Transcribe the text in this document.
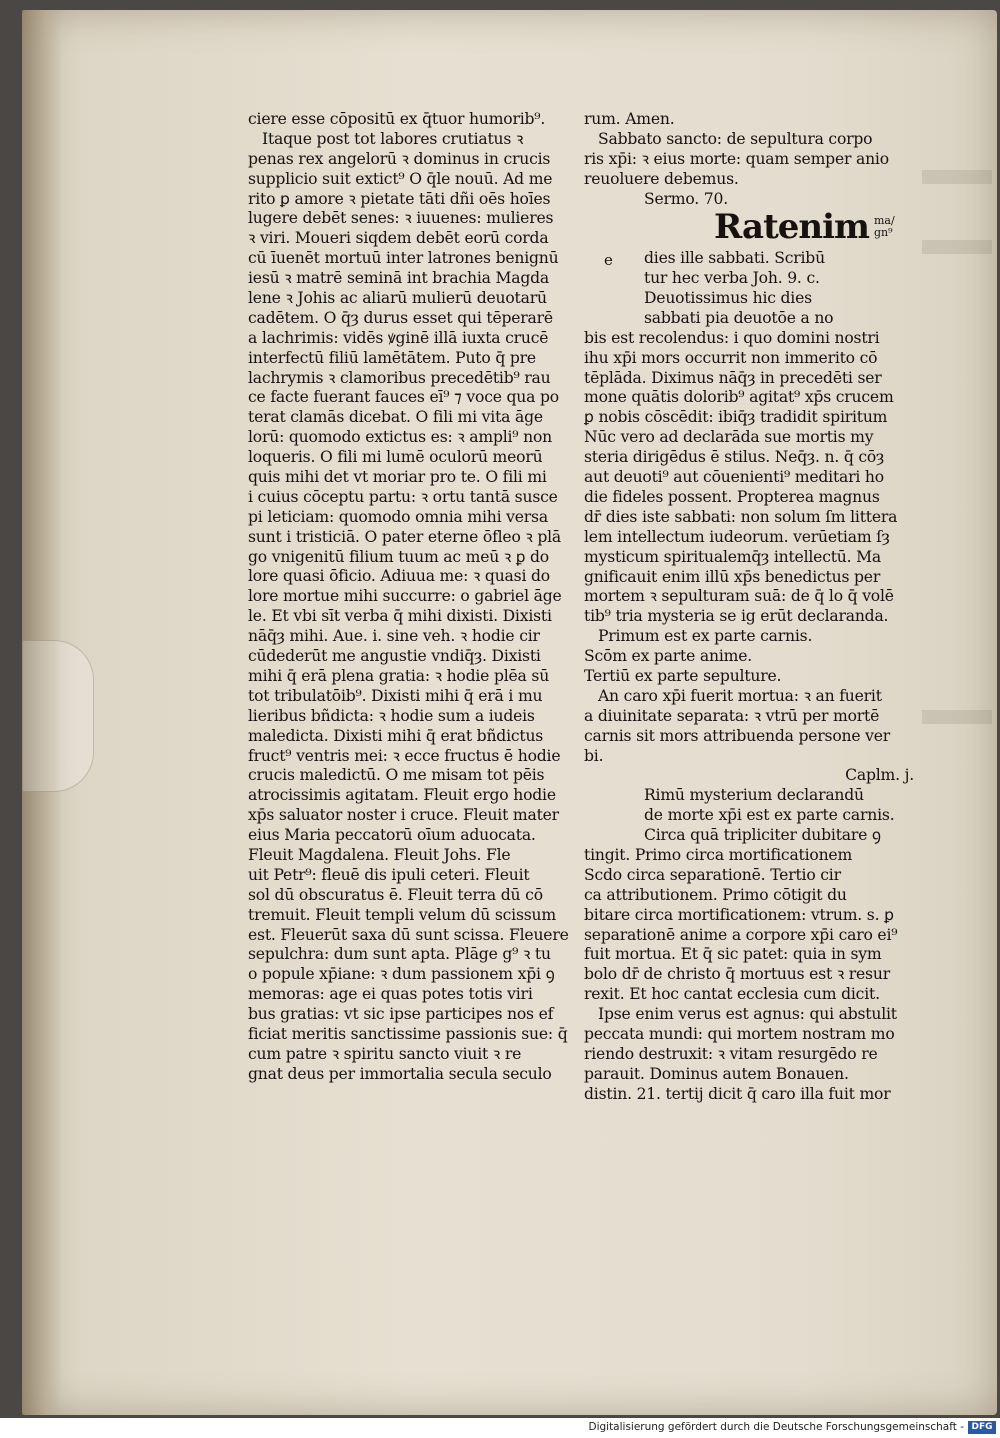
ciere esse cōpositū ex q̄tuor humorib⁹.
Itaque post tot labores crutiatus ꝛ
penas rex angelorū ꝛ dominus in crucis
supplicio suit extict⁹ O q̄le nouū. Ad me
rito ꝑ amore ꝛ pietate tāti dñi oēs hoīes
lugere debēt senes: ꝛ iuuenes: mulieres
ꝛ viri. Moueri siqdem debēt eorū corda
cū īuenēt mortuū inter latrones benignū
iesū ꝛ matrē seminā int̄ brachia Magda
lene ꝛ Johis ac aliarū mulierū deuotarū
cadētem. O q̄ȝ durus esset qui tēperarē
a lachrimis: vidēs ꝟginē illā iuxta crucē
interfectū filiū lamētātem. Puto q̄ pre
lachrymis ꝛ clamoribus precedētib⁹ rau
ce facte fuerant fauces eī⁹ ⁊ voce qua po
terat clamās dicebat. O fili mi vita āge
lorū: quomodo extictus es: ꝛ ampli⁹ non
loqueris. O fili mi lumē oculorū meorū
quis mihi det vt moriar pro te. O fili mi
i cuius cōceptu partu: ꝛ ortu tantā susce
pi leticiam: quomodo omnia mihi versa
sunt i tristiciā. O pater eterne ōfleo ꝛ plā
go vnigenitū filium tuum ac meū ꝛ ꝑ do
lore quasi ōficio. Adiuua me: ꝛ quasi do
lore mortue mihi succurre: o gabriel āge
le. Et vbi sīt verba q̄ mihi dixisti. Dixisti
nāq̄ȝ mihi. Aue. i. sine veh. ꝛ hodie cir
cūdederūt me angustie vndiq̄ȝ. Dixisti
mihi q̄ erā plena gratia: ꝛ hodie plēa sū
tot tribulatōib⁹. Dixisti mihi q̄ erā i mu
lieribus bñdicta: ꝛ hodie sum a iudeis
maledicta. Dixisti mihi q̄ erat bñdictus
fruct⁹ ventris mei: ꝛ ecce fructus ē hodie
crucis maledictū. O me misam tot pēis
atrocissimis agitatam. Fleuit ergo hodie
xp̄s saluator noster i cruce. Fleuit mater
eius Maria peccatorū oīum aduocata.
Fleuit Magdalena. Fleuit Johs. Fle
uit Petr⁹: fleuē dis ipuli ceteri. Fleuit
sol dū obscuratus ē. Fleuit terra dū cō
tremuit. Fleuit templi velum dū scissum
est. Fleuerūt saxa dū sunt scissa. Fleuere
sepulchra: dum sunt apta. Plāge g⁹ ꝛ tu
o popule xp̄iane: ꝛ dum passionem xp̄i ꝯ
memoras: age ei quas potes totis viri
bus gratias: vt sic ipse participes nos ef
ficiat meritis sanctissime passionis sue: q̄
cum patre ꝛ spiritu sancto viuit ꝛ re
gnat deus per immortalia secula seculo
rum. Amen.
Sabbato sancto: de sepultura corpo
ris xp̄i: ꝛ eius morte: quam semper anio
reuoluere debemus.
Sermo. 70.
Ratenim ma/ gn⁹
e	dies ille sabbati. Scribū
tur hec verba Joh. 9. c.
Deuotissimus hic dies
sabbati pia deuotōe a no
bis est recolendus: i quo domini nostri
ihu xp̄i mors occurrit non immerito cō
tēplāda. Diximus nāq̄ȝ in precedēti ser
mone quātis dolorib⁹ agitat⁹ xp̄s crucem
ꝑ nobis cōscēdit: ibiq̄ȝ tradidit spiritum
Nūc vero ad declarāda sue mortis my
steria dirigēdus ē stilus. Neq̄ȝ. n. q̄ cōȝ
aut deuoti⁹ aut cōuenienti⁹ meditari ho
die fideles possent. Propterea magnus
dr̄ dies iste sabbati: non solum ſm littera
lem intellectum iudeorum. verūetiam ſȝ
mysticum spiritualemq̄ȝ intellectū. Ma
gnificauit enim illū xp̄s benedictus per
mortem ꝛ sepulturam suā: de q̄ lo q̄ volē
tib⁹ tria mysteria se ig erūt declaranda.
Primum est ex parte carnis.
Scōm ex parte anime.
Tertiū ex parte sepulture.
An caro xp̄i fuerit mortua: ꝛ an fuerit
a diuinitate separata: ꝛ vtrū per mortē
carnis sit mors attribuenda persone ver
bi.
Capl̄m. j.
Rimū mysterium declarandū
de morte xp̄i est ex parte carnis.
Circa quā tripliciter dubitare ꝯ
tingit. Primo circa mortificationem
Scdo circa separationē. Tertio cir
ca attributionem. Primo cōtigit du
bitare circa mortificationem: vtrum. s. ꝑ
separationē anime a corpore xp̄i caro ei⁹
fuit mortua. Et q̄ sic patet: quia in sym
bolo dr̄ de christo q̄ mortuus est ꝛ resur
rexit. Et hoc cantat ecclesia cum dicit.
Ipse enim verus est agnus: qui abstulit
peccata mundi: qui mortem nostram mo
riendo destruxit: ꝛ vitam resurgēdo re
parauit. Dominus autem Bonauen.
distin. 21. tertij dicit q̄ caro illa fuit mor
Digitalisierung gefördert durch die Deutsche Forschungsgemeinschaft - DFG
